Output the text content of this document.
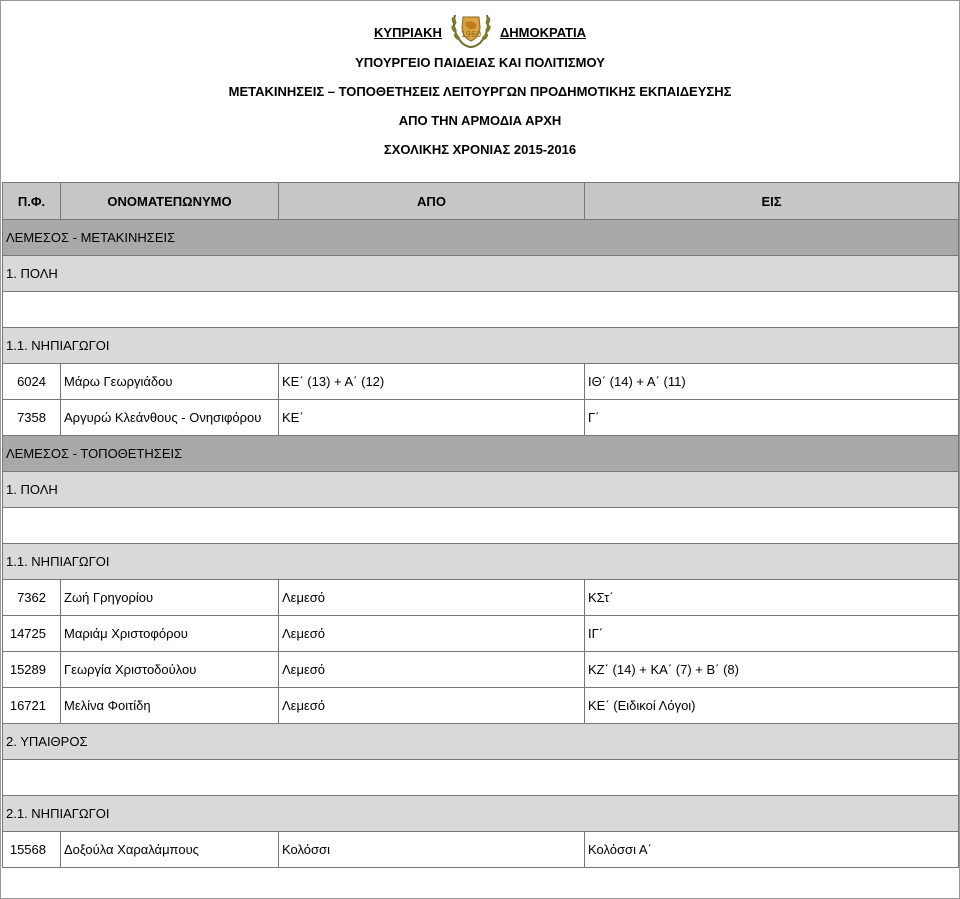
ΚΥΠΡΙΑΚΗ 1960 ΔΗΜΟΚΡΑΤΙΑ
ΥΠΟΥΡΓΕΙΟ ΠΑΙΔΕΙΑΣ ΚΑΙ ΠΟΛΙΤΙΣΜΟΥ
ΜΕΤΑΚΙΝΗΣΕΙΣ – ΤΟΠΟΘΕΤΗΣΕΙΣ ΛΕΙΤΟΥΡΓΩΝ ΠΡΟΔΗΜΟΤΙΚΗΣ ΕΚΠΑΙΔΕΥΣΗΣ
ΑΠΟ ΤΗΝ ΑΡΜΟΔΙΑ ΑΡΧΗ
ΣΧΟΛΙΚΗΣ ΧΡΟΝΙΑΣ 2015-2016
Π.Φ.	ΟΝΟΜΑΤΕΠΩΝΥΜΟ	ΑΠΟ	ΕΙΣ
ΛΕΜΕΣΟΣ - ΜΕΤΑΚΙΝΗΣΕΙΣ			
1. ΠΟΛΗ			

1.1. ΝΗΠΙΑΓΩΓΟΙ			
6024	Μάρω Γεωργιάδου	ΚΕ΄ (13) + Α΄ (12)	ΙΘ΄ (14) + Α΄ (11)
7358	Αργυρώ Κλεάνθους - Ονησιφόρου	ΚΕ΄	Γ΄
ΛΕΜΕΣΟΣ - ΤΟΠΟΘΕΤΗΣΕΙΣ			
1. ΠΟΛΗ			

1.1. ΝΗΠΙΑΓΩΓΟΙ			
7362	Ζωή Γρηγορίου	Λεμεσό	ΚΣτ΄
14725	Μαριάμ Χριστοφόρου	Λεμεσό	ΙΓ΄
15289	Γεωργία Χριστοδούλου	Λεμεσό	ΚΖ΄ (14) + ΚΑ΄ (7) + Β΄ (8)
16721	Μελίνα Φοιτίδη	Λεμεσό	ΚΕ΄ (Ειδικοί Λόγοι)
2. ΥΠΑΙΘΡΟΣ			

2.1. ΝΗΠΙΑΓΩΓΟΙ			
15568	Δοξούλα Χαραλάμπους	Κολόσσι	Κολόσσι Α΄
